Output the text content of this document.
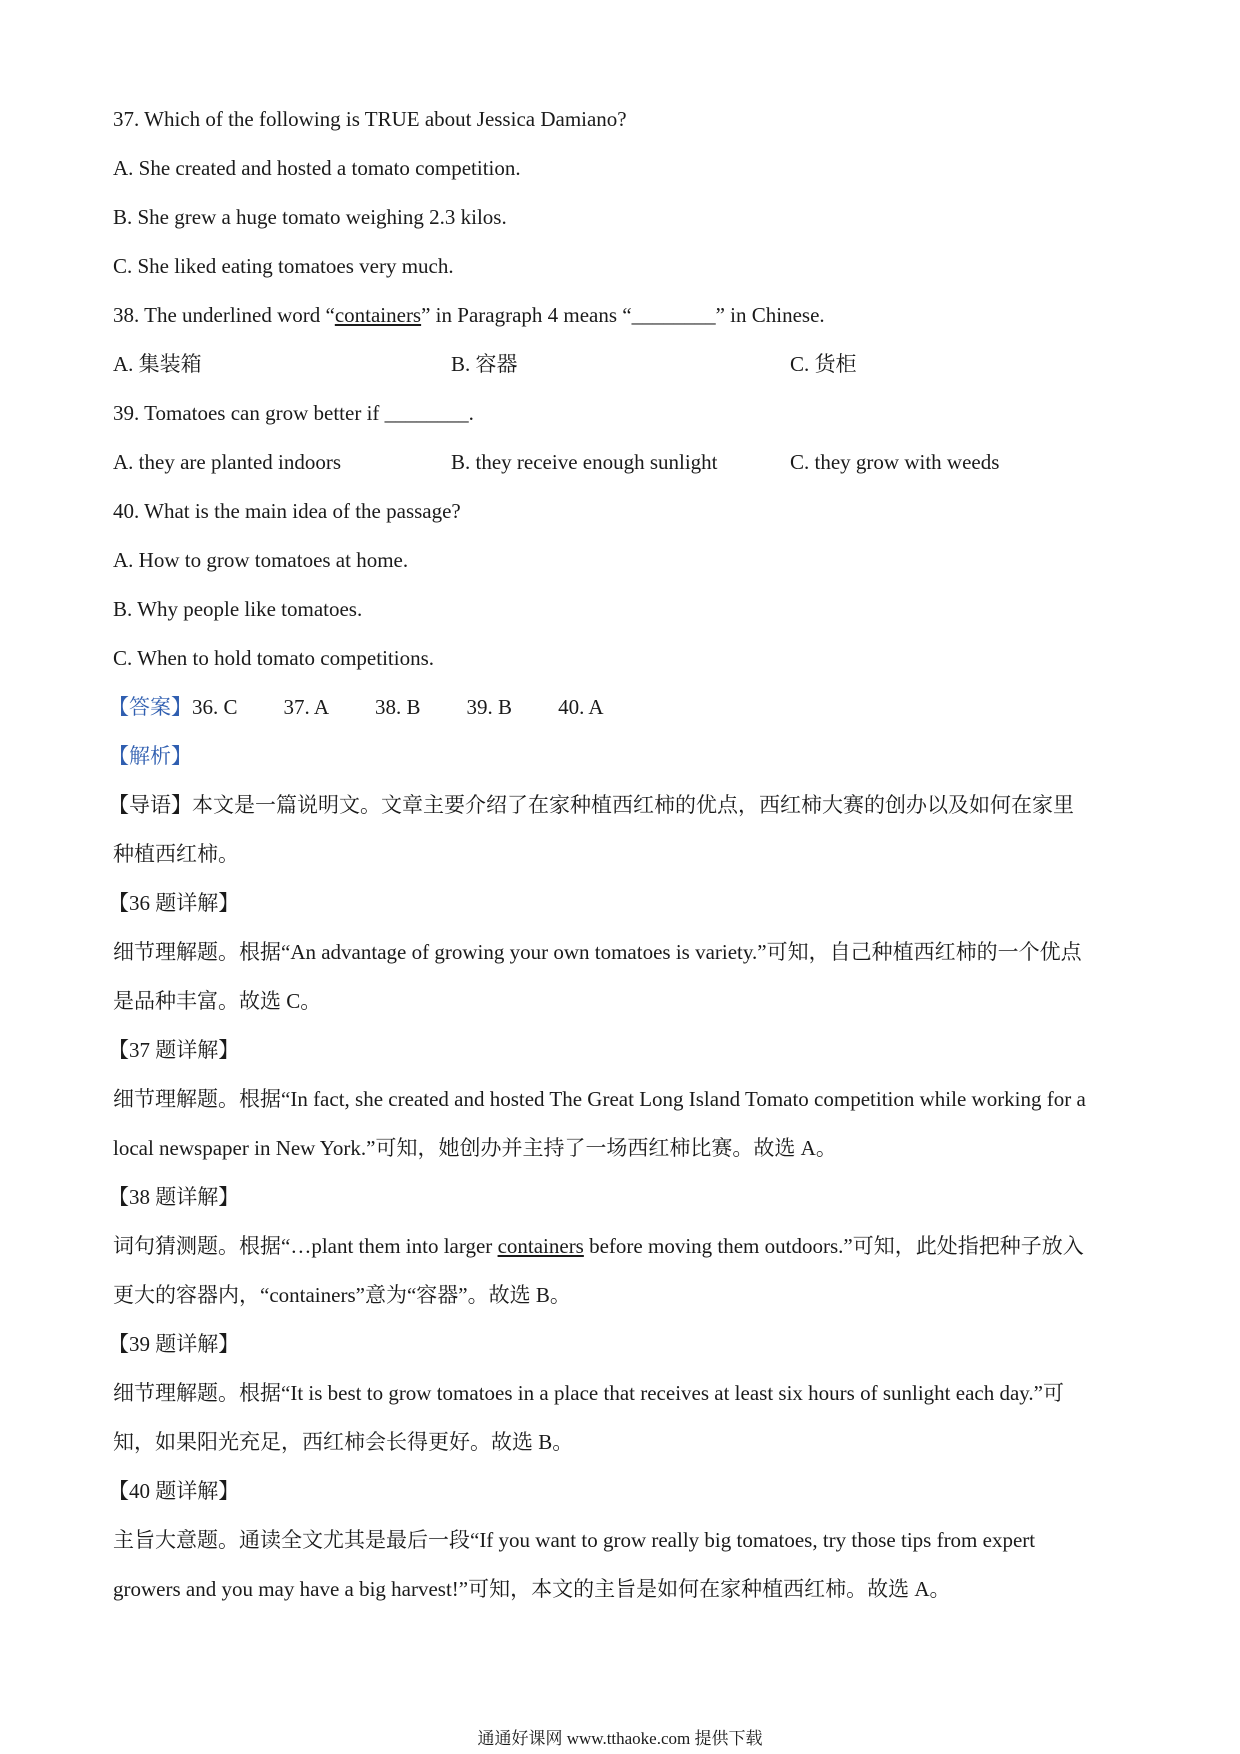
37. Which of the following is TRUE about Jessica Damiano?
A. She created and hosted a tomato competition.
B. She grew a huge tomato weighing 2.3 kilos.
C. She liked eating tomatoes very much.
38. The underlined word “containers” in Paragraph 4 means “________” in Chinese.
A. 集装箱	B. 容器	C. 货柜
39. Tomatoes can grow better if ________.
A. they are planted indoors	B. they receive enough sunlight	C. they grow with weeds
40. What is the main idea of the passage?
A. How to grow tomatoes at home.
B. Why people like tomatoes.
C. When to hold tomato competitions.
【答案】36. C 37. A 38. B 39. B 40. A
【解析】
【导语】本文是一篇说明文。文章主要介绍了在家种植西红柿的优点，西红柿大赛的创办以及如何在家里
种植西红柿。
【36 题详解】
细节理解题。根据“An advantage of growing your own tomatoes is variety.”可知，自己种植西红柿的一个优点
是品种丰富。故选 C。
【37 题详解】
细节理解题。根据“In fact, she created and hosted The Great Long Island Tomato competition while working for a
local newspaper in New York.”可知，她创办并主持了一场西红柿比赛。故选 A。
【38 题详解】
词句猜测题。根据“…plant them into larger containers before moving them outdoors.”可知，此处指把种子放入
更大的容器内，“containers”意为“容器”。故选 B。
【39 题详解】
细节理解题。根据“It is best to grow tomatoes in a place that receives at least six hours of sunlight each day.”可
知，如果阳光充足，西红柿会长得更好。故选 B。
【40 题详解】
主旨大意题。通读全文尤其是最后一段“If you want to grow really big tomatoes, try those tips from expert
growers and you may have a big harvest!”可知，本文的主旨是如何在家种植西红柿。故选 A。
通通好课网 www.tthaoke.com 提供下载
